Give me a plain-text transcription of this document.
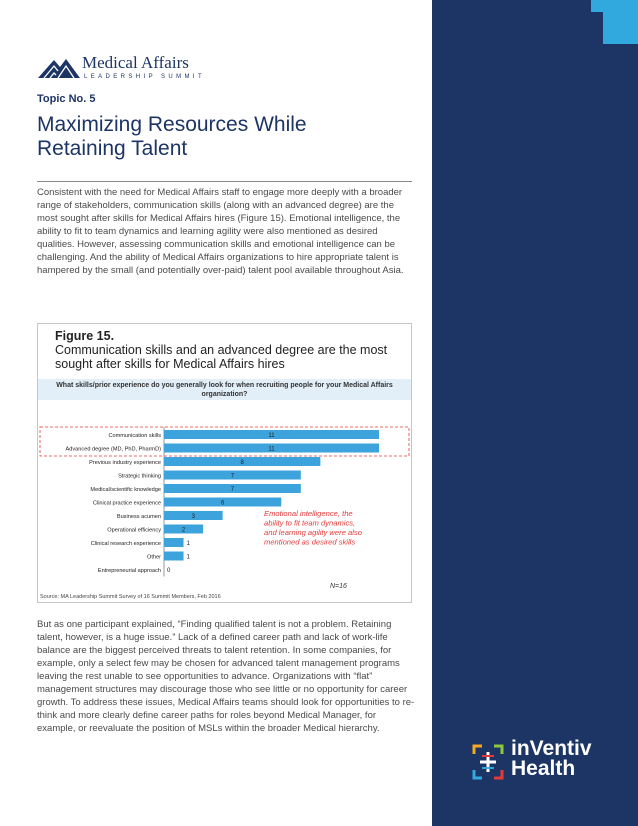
Medical Affairs
LEADERSHIP SUMMIT
Topic No. 5
Maximizing Resources While
Retaining Talent

Consistent with the need for Medical Affairs staff to engage more deeply with a broader range of stakeholders, communication skills (along with an advanced degree) are the most sought after skills for Medical Affairs hires (Figure 15). Emotional intelligence, the ability to fit to team dynamics and learning agility were also mentioned as desired qualities. However, assessing communication skills and emotional intelligence can be challenging. And the ability of Medical Affairs organizations to hire appropriate talent is hampered by the small (and potentially over-paid) talent pool available throughout Asia.

Figure 15.
Communication skills and an advanced degree are the most sought after skills for Medical Affairs hires
What skills/prior experience do you generally look for when recruiting people for your Medical Affairs organization?
Communication skills	11
Advanced degree (MD, PhD, PharmD)	11
Previous industry experience	8
Strategic thinking	7
Medical/scientific knowledge	7
Clinical practice experience	6
Business acumen	3
Operational efficiency	2
Clinical research experience	1
Other	1
Entrepreneurial approach 0
Emotional intelligence, the ability to fit team dynamics, and learning agility were also mentioned as desired skills
N=16
Source: MA Leadership Summit Survey of 16 Summit Members, Feb 2016

But as one participant explained, “Finding qualified talent is not a problem. Retaining talent, however, is a huge issue.” Lack of a defined career path and lack of work-life balance are the biggest perceived threats to talent retention. In some companies, for example, only a select few may be chosen for advanced talent management programs leaving the rest unable to see opportunities to advance. Organizations with “flat” management structures may discourage those who see little or no opportunity for career growth. To address these issues, Medical Affairs teams should look for opportunities to re-think and more clearly define career paths for roles beyond Medical Manager, for example, or reevaluate the position of MSLs within the broader Medical hierarchy.

inVentiv
Health
